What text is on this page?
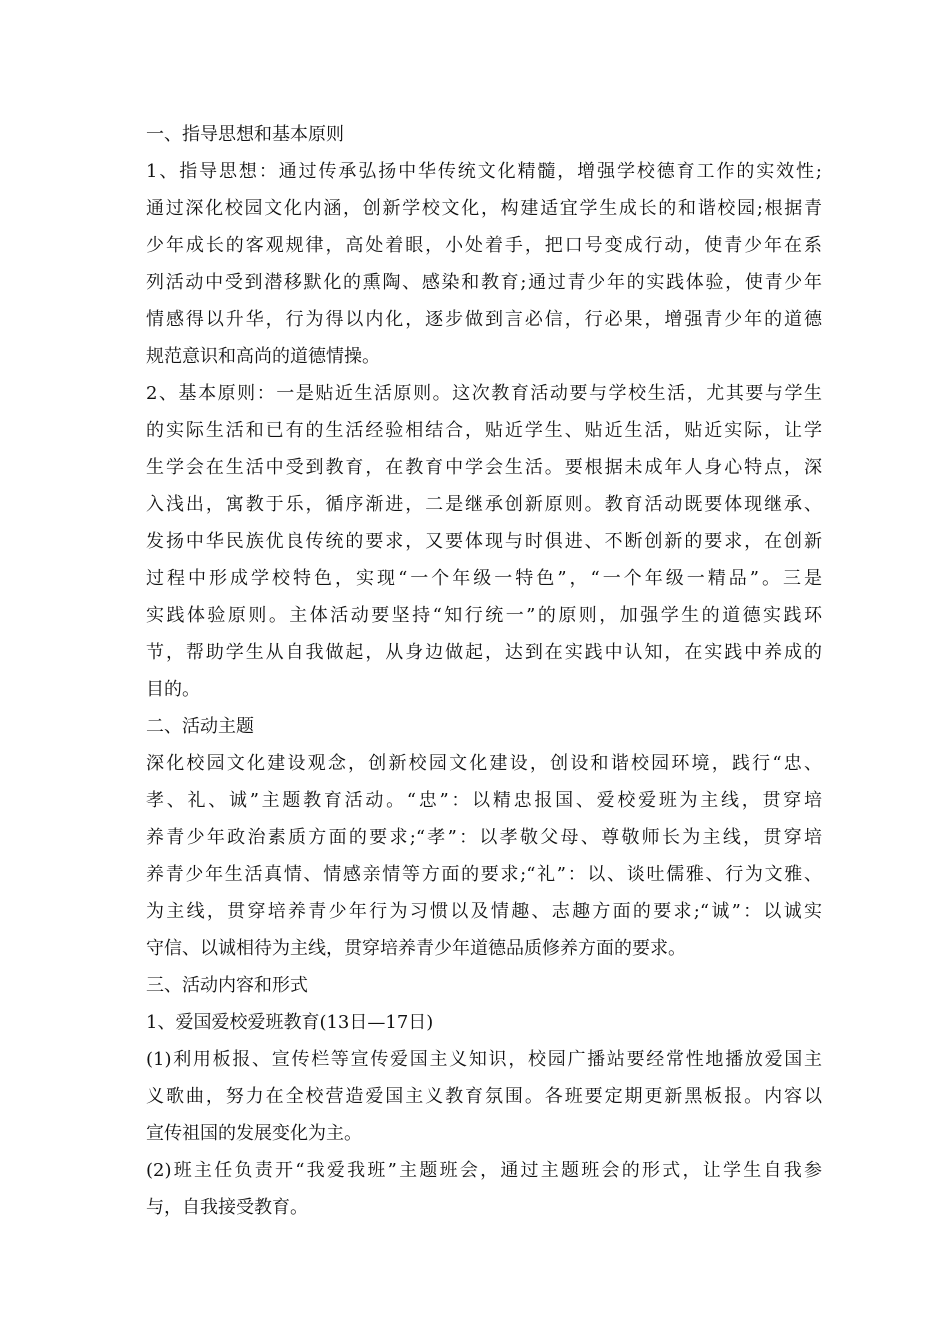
一、指导思想和基本原则
1、指导思想：通过传承弘扬中华传统文化精髓，增强学校德育工作的实效性;
通过深化校园文化内涵，创新学校文化，构建适宜学生成长的和谐校园;根据青
少年成长的客观规律，高处着眼，小处着手，把口号变成行动，使青少年在系
列活动中受到潜移默化的熏陶、感染和教育;通过青少年的实践体验，使青少年
情感得以升华，行为得以内化，逐步做到言必信，行必果，增强青少年的道德
规范意识和高尚的道德情操。
2、基本原则：一是贴近生活原则。这次教育活动要与学校生活，尤其要与学生
的实际生活和已有的生活经验相结合，贴近学生、贴近生活，贴近实际，让学
生学会在生活中受到教育，在教育中学会生活。要根据未成年人身心特点，深
入浅出，寓教于乐，循序渐进，二是继承创新原则。教育活动既要体现继承、
发扬中华民族优良传统的要求，又要体现与时俱进、不断创新的要求，在创新
过程中形成学校特色，实现“一个年级一特色”，“一个年级一精品”。三是
实践体验原则。主体活动要坚持“知行统一”的原则，加强学生的道德实践环
节，帮助学生从自我做起，从身边做起，达到在实践中认知，在实践中养成的
目的。
二、活动主题
深化校园文化建设观念，创新校园文化建设，创设和谐校园环境，践行“忠、
孝、礼、诚”主题教育活动。“忠”：以精忠报国、爱校爱班为主线，贯穿培
养青少年政治素质方面的要求;“孝”：以孝敬父母、尊敬师长为主线，贯穿培
养青少年生活真情、情感亲情等方面的要求;“礼”：以、谈吐儒雅、行为文雅、
为主线，贯穿培养青少年行为习惯以及情趣、志趣方面的要求;“诚”：以诚实
守信、以诚相待为主线，贯穿培养青少年道德品质修养方面的要求。
三、活动内容和形式
1、爱国爱校爱班教育(13日—17日)
(1)利用板报、宣传栏等宣传爱国主义知识，校园广播站要经常性地播放爱国主
义歌曲，努力在全校营造爱国主义教育氛围。各班要定期更新黑板报。内容以
宣传祖国的发展变化为主。
(2)班主任负责开“我爱我班”主题班会，通过主题班会的形式，让学生自我参
与，自我接受教育。
